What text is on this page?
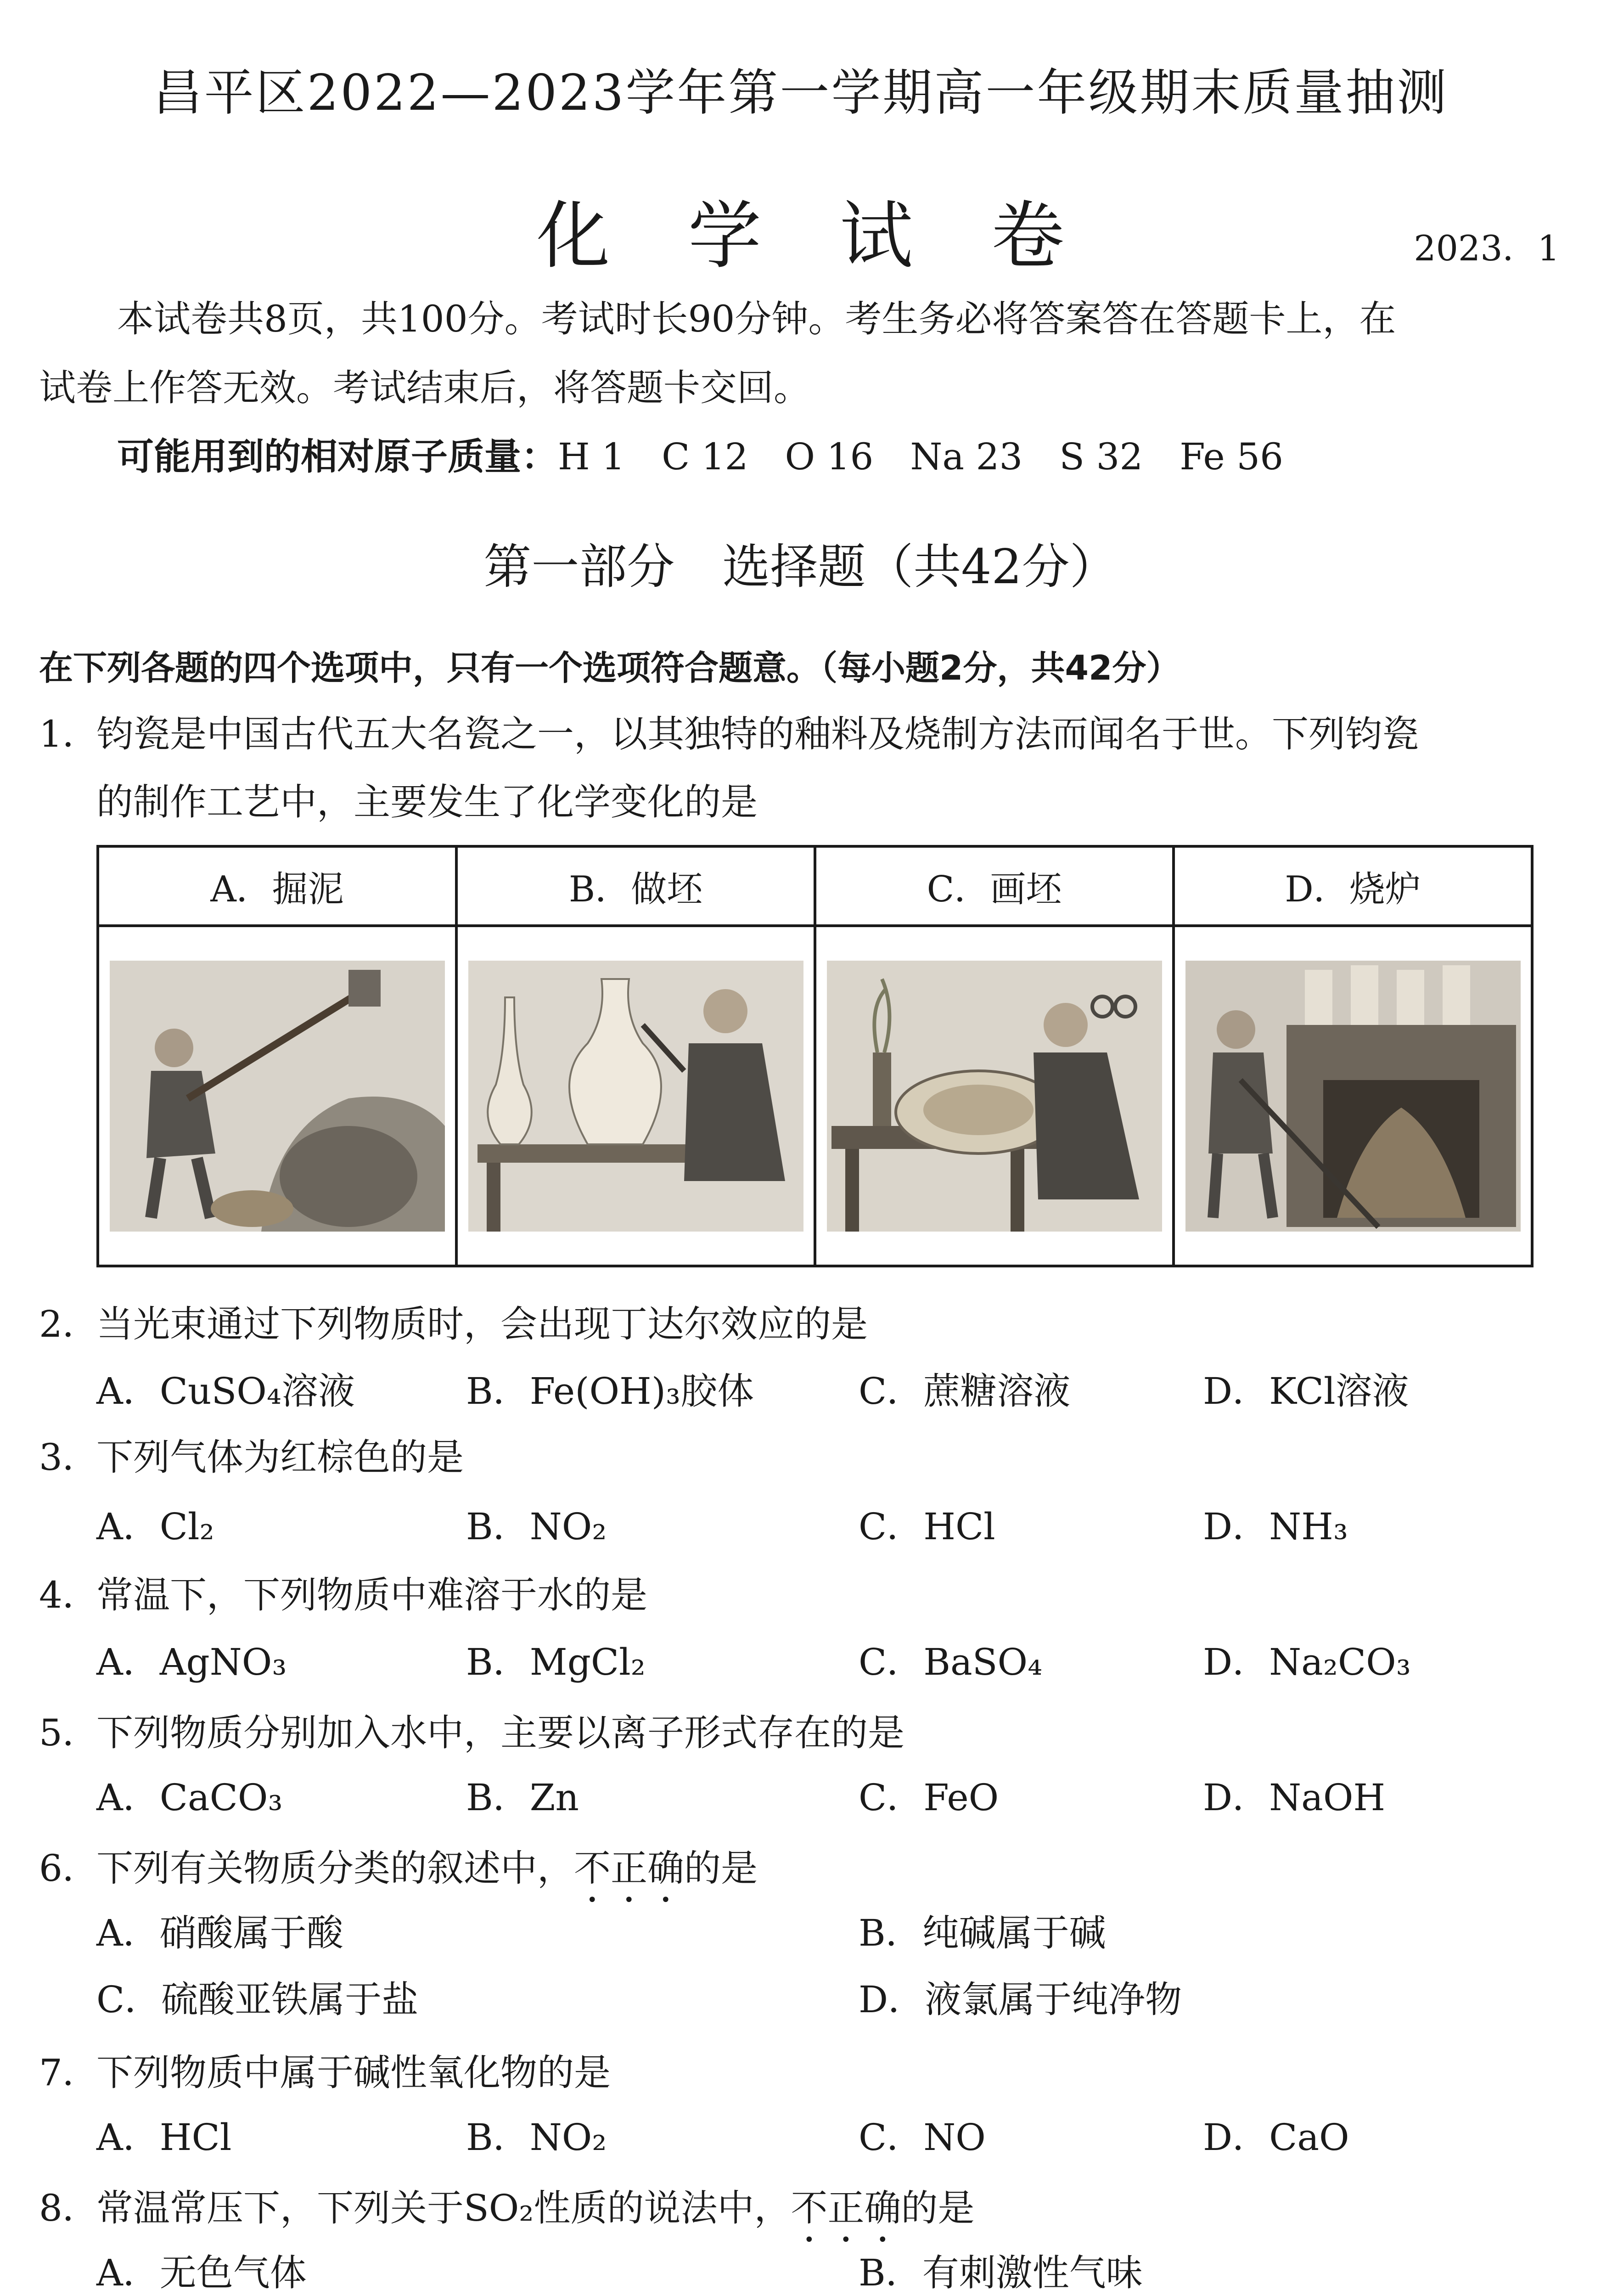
昌平区2022—2023学年第一学期高一年级期末质量抽测
化学试卷	2023．1
本试卷共8页，共100分。考试时长90分钟。考生务必将答案答在答题卡上，在
试卷上作答无效。考试结束后，将答题卡交回。
可能用到的相对原子质量：H 1　C 12　O 16　Na 23　S 32　Fe 56
第一部分　选择题（共42分）
在下列各题的四个选项中，只有一个选项符合题意。（每小题2分，共42分）
1．钧瓷是中国古代五大名瓷之一，以其独特的釉料及烧制方法而闻名于世。下列钧瓷
的制作工艺中，主要发生了化学变化的是
A．掘泥	B．做坯	C．画坯	D．烧炉

2．当光束通过下列物质时，会出现丁达尔效应的是
A．CuSO₄溶液	B．Fe(OH)₃胶体	C．蔗糖溶液	D．KCl溶液
3．下列气体为红棕色的是
A．Cl₂	B．NO₂	C．HCl	D．NH₃
4．常温下，下列物质中难溶于水的是
A．AgNO₃	B．MgCl₂	C．BaSO₄	D．Na₂CO₃
5．下列物质分别加入水中，主要以离子形式存在的是
A．CaCO₃	B．Zn	C．FeO	D．NaOH
6．下列有关物质分类的叙述中，不正确的是
A．硝酸属于酸	B．纯碱属于碱
C．硫酸亚铁属于盐	D．液氯属于纯净物
7．下列物质中属于碱性氧化物的是
A．HCl	B．NO₂	C．NO	D．CaO
8．常温常压下，下列关于SO₂性质的说法中，不正确的是
A．无色气体	B．有刺激性气味
